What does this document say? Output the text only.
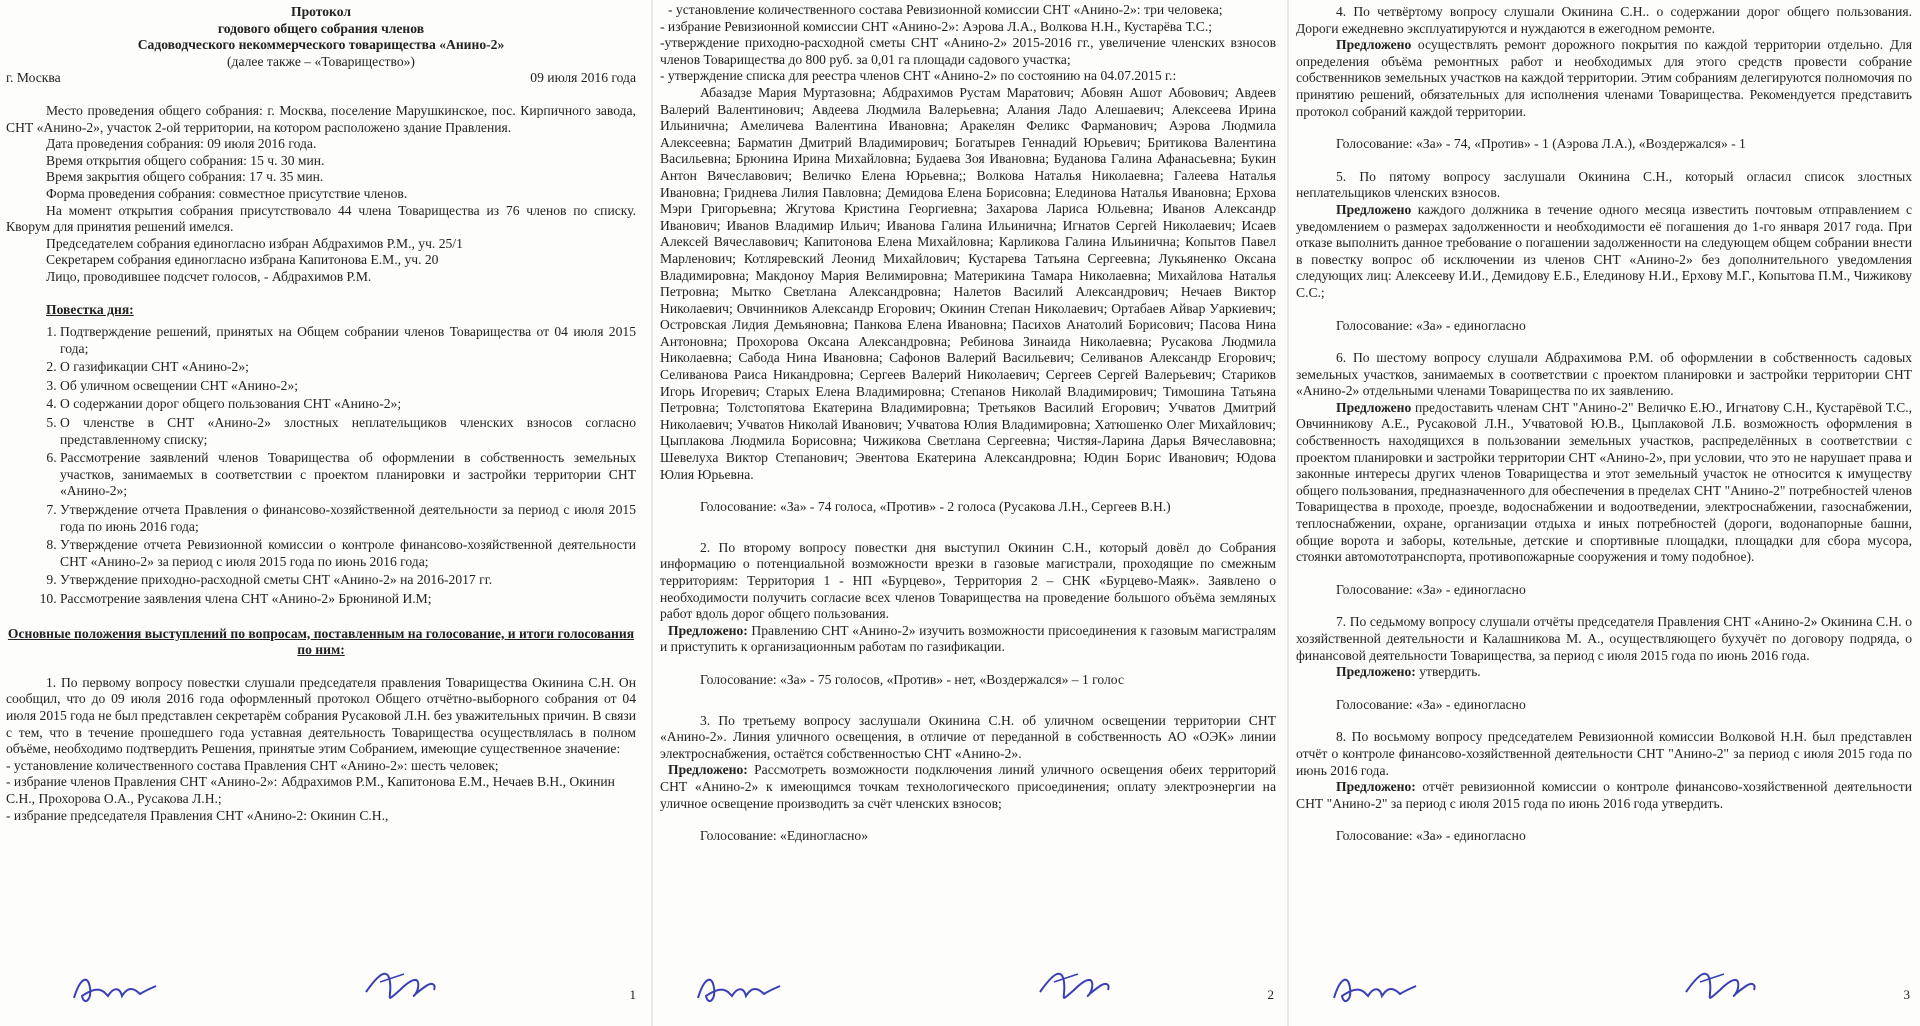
Протокол
годового общего собрания членов
Садоводческого некоммерческого товарищества «Анино-2»
(далее также – «Товарищество»)
г. Москва	09 июля 2016 года
Место проведения общего собрания: г. Москва, поселение Марушкинское, пос. Кирпичного завода, СНТ «Анино-2», участок 2-ой территории, на котором расположено здание Правления.
Дата проведения собрания: 09 июля 2016 года.
Время открытия общего собрания: 15 ч. 30 мин.
Время закрытия общего собрания: 17 ч. 35 мин.
Форма проведения собрания: совместное присутствие членов.
На момент открытия собрания присутствовало 44 члена Товарищества из 76 членов по списку. Кворум для принятия решений имелся.
Председателем собрания единогласно избран Абдрахимов Р.М., уч. 25/1
Секретарем собрания единогласно избрана Капитонова Е.М., уч. 20
Лицо, проводившее подсчет голосов, - Абдрахимов Р.М.
Повестка дня:
1. Подтверждение решений, принятых на Общем собрании членов Товарищества от 04 июля 2015 года;
2. О газификации СНТ «Анино-2»;
3. Об уличном освещении СНТ «Анино-2»;
4. О содержании дорог общего пользования СНТ «Анино-2»;
5. О членстве в СНТ «Анино-2» злостных неплательщиков членских взносов согласно представленному списку;
6. Рассмотрение заявлений членов Товарищества об оформлении в собственность земельных участков, занимаемых в соответствии с проектом планировки и застройки территории СНТ «Анино-2»;
7. Утверждение отчета Правления о финансово-хозяйственной деятельности за период с июля 2015 года по июнь 2016 года;
8. Утверждение отчета Ревизионной комиссии о контроле финансово-хозяйственной деятельности СНТ «Анино-2» за период с июля 2015 года по июнь 2016 года;
9. Утверждение приходно-расходной сметы СНТ «Анино-2» на 2016-2017 гг.
10. Рассмотрение заявления члена СНТ «Анино-2» Брюниной И.М;
Основные положения выступлений по вопросам, поставленным на голосование, и итоги голосования по ним:
1. По первому вопросу повестки слушали председателя правления Товарищества Окинина С.Н. Он сообщил, что до 09 июля 2016 года оформленный протокол Общего отчётно-выборного собрания от 04 июля 2015 года не был представлен секретарём собрания Русаковой Л.Н. без уважительных причин. В связи с тем, что в течение прошедшего года уставная деятельность Товарищества осуществлялась в полном объёме, необходимо подтвердить Решения, принятые этим Собранием, имеющие существенное значение:
- установление количественного состава Правления СНТ «Анино-2»: шесть человек;
- избрание членов Правления СНТ «Анино-2»: Абдрахимов Р.М., Капитонова Е.М., Нечаев В.Н., Окинин С.Н., Прохорова О.А., Русакова Л.Н.;
- избрание председателя Правления СНТ «Анино-2: Окинин С.Н.,
1
- установление количественного состава Ревизионной комиссии СНТ «Анино-2»: три человека;
- избрание Ревизионной комиссии СНТ «Анино-2»: Аэрова Л.А., Волкова Н.Н., Кустарёва Т.С.;
-утверждение приходно-расходной сметы СНТ «Анино-2» 2015-2016 гг., увеличение членских взносов членов Товарищества до 800 руб. за 0,01 га площади садового участка;
- утверждение списка для реестра членов СНТ «Анино-2» по состоянию на 04.07.2015 г.:
Абазадзе Мария Муртазовна; Абдрахимов Рустам Маратович; Абовян Ашот Абовович; Авдеев Валерий Валентинович; Авдеева Людмила Валерьевна; Алания Ладо Алешаевич; Алексеева Ирина Ильинична; Амеличева Валентина Ивановна; Аракелян Феликс Фарманович; Аэрова Людмила Алексеевна; Барматин Дмитрий Владимирович; Богатырев Геннадий Юрьевич; Бритикова Валентина Васильевна; Брюнина Ирина Михайловна; Будаева Зоя Ивановна; Буданова Галина Афанасьевна; Букин Антон Вячеславович; Величко Елена Юрьевна;; Волкова Наталья Николаевна; Галеева Наталья Ивановна; Гриднева Лилия Павловна; Демидова Елена Борисовна; Елединова Наталья Ивановна; Ерхова Мэри Григорьевна; Жгутова Кристина Георгиевна; Захарова Лариса Юльевна; Иванов Александр Иванович; Иванов Владимир Ильич; Иванова Галина Ильинична; Игнатов Сергей Николаевич; Исаев Алексей Вячеславович; Капитонова Елена Михайловна; Карликова Галина Ильинична; Копытов Павел Марленович; Котляревский Леонид Михайлович; Кустарева Татьяна Сергеевна; Лукьяненко Оксана Владимировна; Макдоноу Мария Велимировна; Материкина Тамара Николаевна; Михайлова Наталья Петровна; Мытко Светлана Александровна; Налетов Василий Александрович; Нечаев Виктор Николаевич; Овчинников Александр Егорович; Окинин Степан Николаевич; Ортабаев Айвар Уаркиевич; Островская Лидия Демьяновна; Панкова Елена Ивановна; Пасихов Анатолий Борисович; Пасова Нина Антоновна; Прохорова Оксана Александровна; Ребинова Зинаида Николаевна; Русакова Людмила Николаевна; Сабода Нина Ивановна; Сафонов Валерий Васильевич; Селиванов Александр Егорович; Селиванова Раиса Никандровна; Сергеев Валерий Николаевич; Сергеев Сергей Валерьевич; Стариков Игорь Игоревич; Старых Елена Владимировна; Степанов Николай Владимирович; Тимошина Татьяна Петровна; Толстопятова Екатерина Владимировна; Третьяков Василий Егорович; Учватов Дмитрий Николаевич; Учватов Николай Иванович; Учватова Юлия Владимировна; Хатюшенко Олег Михайлович; Цыплакова Людмила Борисовна; Чижикова Светлана Сергеевна; Чистяя-Ларина Дарья Вячеславовна; Шевелуха Виктор Степанович; Эвентова Екатерина Александровна; Юдин Борис Иванович; Юдова Юлия Юрьевна.
Голосование: «За» - 74 голоса, «Против» - 2 голоса (Русакова Л.Н., Сергеев В.Н.)
2. По второму вопросу повестки дня выступил Окинин С.Н., который довёл до Собрания информацию о потенциальной возможности врезки в газовые магистрали, проходящие по смежным территориям: Территория 1 - НП «Бурцево», Территория 2 – СНК «Бурцево-Маяк». Заявлено о необходимости получить согласие всех членов Товарищества на проведение большого объёма земляных работ вдоль дорог общего пользования.
Предложено: Правлению СНТ «Анино-2» изучить возможности присоединения к газовым магистралям и приступить к организационным работам по газификации.
Голосование: «За» - 75 голосов, «Против» - нет, «Воздержался» – 1 голос
3. По третьему вопросу заслушали Окинина С.Н. об уличном освещении территории СНТ «Анино-2». Линия уличного освещения, в отличие от переданной в собственность АО «ОЭК» линии электроснабжения, остаётся собственностью СНТ «Анино-2».
Предложено: Рассмотреть возможности подключения линий уличного освещения обеих территорий СНТ «Анино-2» к имеющимся точкам технологического присоединения; оплату электроэнергии на уличное освещение производить за счёт членских взносов;
Голосование: «Единогласно»
2
4. По четвёртому вопросу слушали Окинина С.Н.. о содержании дорог общего пользования. Дороги ежедневно эксплуатируются и нуждаются в ежегодном ремонте.
Предложено осуществлять ремонт дорожного покрытия по каждой территории отдельно. Для определения объёма ремонтных работ и необходимых для этого средств провести собрание собственников земельных участков на каждой территории. Этим собраниям делегируются полномочия по принятию решений, обязательных для исполнения членами Товарищества. Рекомендуется представить протокол собраний каждой территории.
Голосование: «За» - 74, «Против» - 1 (Аэрова Л.А.), «Воздержался» - 1
5. По пятому вопросу заслушали Окинина С.Н., который огласил список злостных неплательщиков членских взносов.
Предложено каждого должника в течение одного месяца известить почтовым отправлением с уведомлением о размерах задолженности и необходимости её погашения до 1-го января 2017 года. При отказе выполнить данное требование о погашении задолженности на следующем общем собрании внести в повестку вопрос об исключении из членов СНТ «Анино-2» без дополнительного уведомления следующих лиц: Алексееву И.И., Демидову Е.Б., Елединову Н.И., Ерхову М.Г., Копытова П.М., Чижикову С.С.;
Голосование: «За» - единогласно
6. По шестому вопросу слушали Абдрахимова Р.М. об оформлении в собственность садовых земельных участков, занимаемых в соответствии с проектом планировки и застройки территории СНТ «Анино-2» отдельными членами Товарищества по их заявлению.
Предложено предоставить членам СНТ "Анино-2" Величко Е.Ю., Игнатову С.Н., Кустарёвой Т.С., Овчинникову А.Е., Русаковой Л.Н., Учватовой Ю.В., Цыплаковой Л.Б. возможность оформления в собственность находящихся в пользовании земельных участков, распределённых в соответствии с проектом планировки и застройки территории СНТ «Анино-2», при условии, что это не нарушает права и законные интересы других членов Товарищества и этот земельный участок не относится к имуществу общего пользования, предназначенного для обеспечения в пределах СНТ "Анино-2" потребностей членов Товарищества в проходе, проезде, водоснабжении и водоотведении, электроснабжении, газоснабжении, теплоснабжении, охране, организации отдыха и иных потребностей (дороги, водонапорные башни, общие ворота и заборы, котельные, детские и спортивные площадки, площадки для сбора мусора, стоянки автомототранспорта, противопожарные сооружения и тому подобное).
Голосование: «За» - единогласно
7. По седьмому вопросу слушали отчёты председателя Правления СНТ «Анино-2» Окинина С.Н. о хозяйственной деятельности и Калашникова М. А., осуществляющего бухучёт по договору подряда, о финансовой деятельности Товарищества, за период с июля 2015 года по июнь 2016 года.
Предложено: утвердить.
Голосование: «За» - единогласно
8. По восьмому вопросу председателем Ревизионной комиссии Волковой Н.Н. был представлен отчёт о контроле финансово-хозяйственной деятельности СНТ "Анино-2" за период с июля 2015 года по июнь 2016 года.
Предложено: отчёт ревизионной комиссии о контроле финансово-хозяйственной деятельности СНТ "Анино-2" за период с июля 2015 года по июнь 2016 года утвердить.
Голосование: «За» - единогласно
3
